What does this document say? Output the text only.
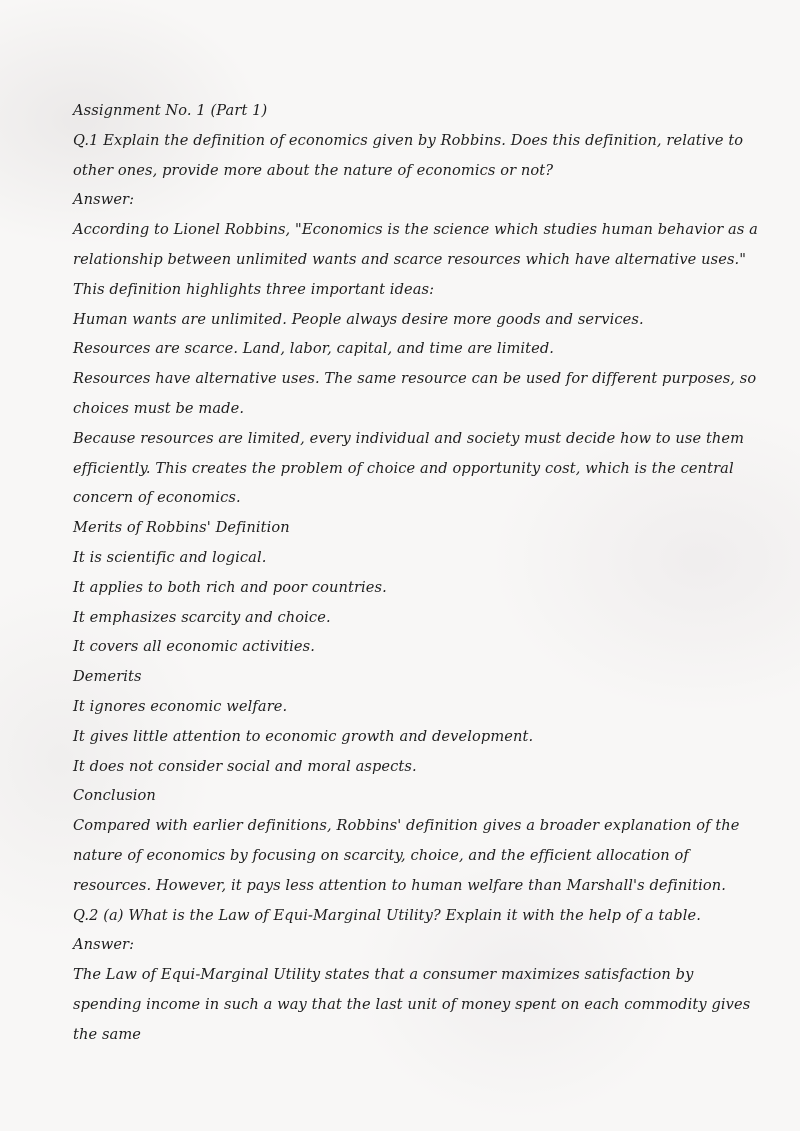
Assignment No. 1 (Part 1)

Q.1 Explain the definition of economics given by Robbins. Does this definition, relative to other ones, provide more about the nature of economics or not?

Answer:

According to Lionel Robbins, "Economics is the science which studies human behavior as a relationship between unlimited wants and scarce resources which have alternative uses."

This definition highlights three important ideas:

Human wants are unlimited. People always desire more goods and services.

Resources are scarce. Land, labor, capital, and time are limited.

Resources have alternative uses. The same resource can be used for different purposes, so choices must be made.

Because resources are limited, every individual and society must decide how to use them efficiently. This creates the problem of choice and opportunity cost, which is the central concern of economics.

Merits of Robbins' Definition

It is scientific and logical.

It applies to both rich and poor countries.

It emphasizes scarcity and choice.

It covers all economic activities.

Demerits

It ignores economic welfare.

It gives little attention to economic growth and development.

It does not consider social and moral aspects.

Conclusion

Compared with earlier definitions, Robbins' definition gives a broader explanation of the nature of economics by focusing on scarcity, choice, and the efficient allocation of resources. However, it pays less attention to human welfare than Marshall's definition.

Q.2 (a) What is the Law of Equi-Marginal Utility? Explain it with the help of a table.

Answer:

The Law of Equi-Marginal Utility states that a consumer maximizes satisfaction by spending income in such a way that the last unit of money spent on each commodity gives the same
